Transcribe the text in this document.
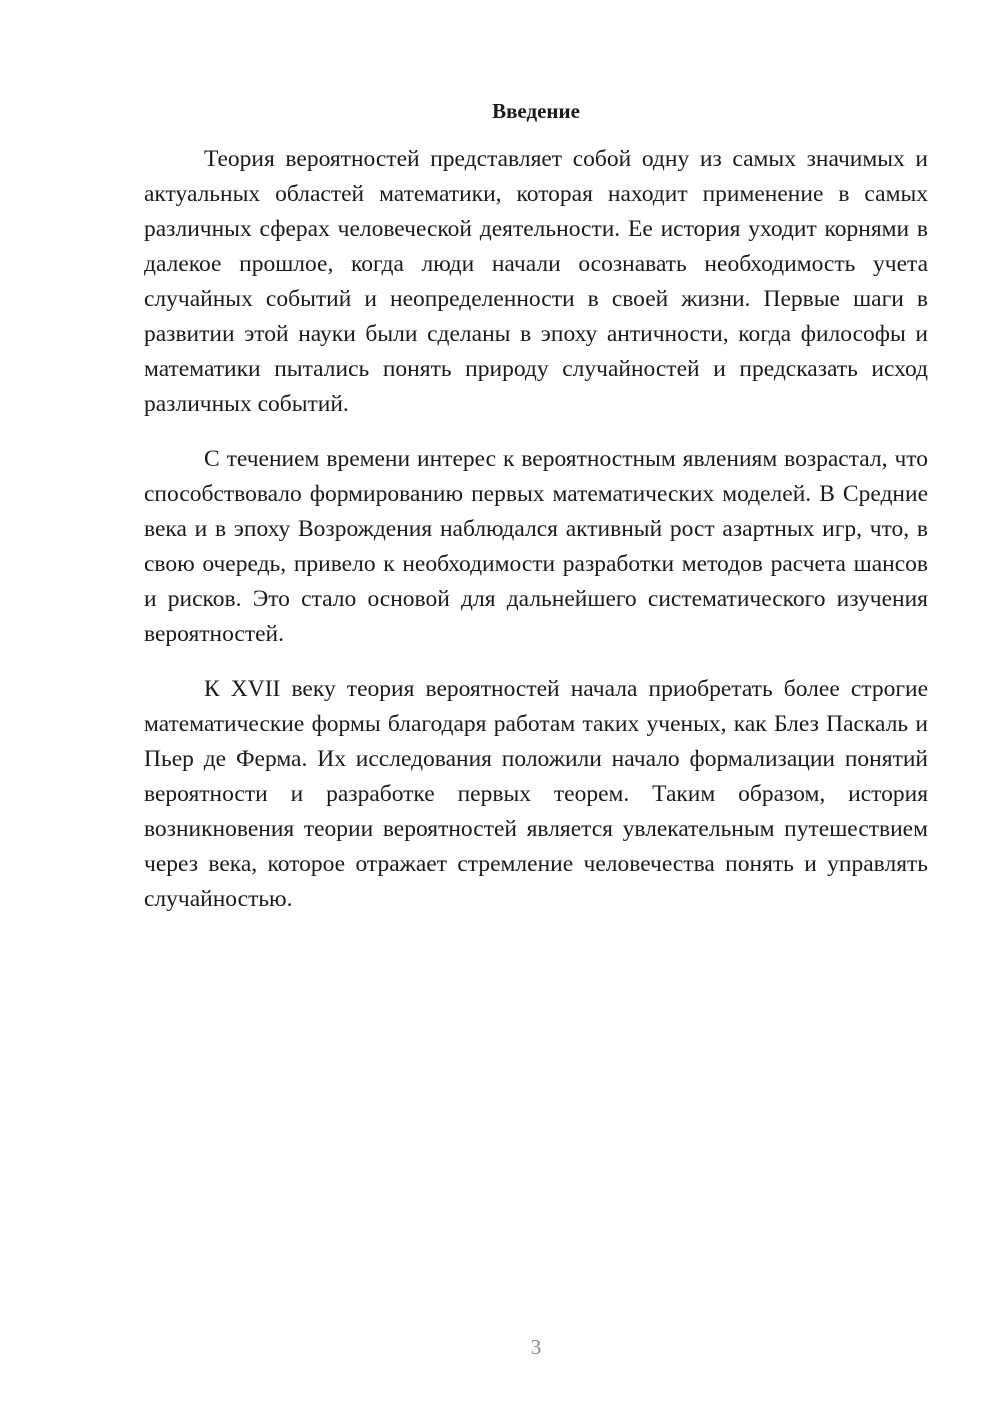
Введение

Теория вероятностей представляет собой одну из самых значимых и актуальных областей математики, которая находит применение в самых различных сферах человеческой деятельности. Ее история уходит корнями в далекое прошлое, когда люди начали осознавать необходимость учета случайных событий и неопределенности в своей жизни. Первые шаги в развитии этой науки были сделаны в эпоху античности, когда философы и математики пытались понять природу случайностей и предсказать исход различных событий.

С течением времени интерес к вероятностным явлениям возрастал, что способствовало формированию первых математических моделей. В Средние века и в эпоху Возрождения наблюдался активный рост азартных игр, что, в свою очередь, привело к необходимости разработки методов расчета шансов и рисков. Это стало основой для дальнейшего систематического изучения вероятностей.

К XVII веку теория вероятностей начала приобретать более строгие математические формы благодаря работам таких ученых, как Блез Паскаль и Пьер де Ферма. Их исследования положили начало формализации понятий вероятности и разработке первых теорем. Таким образом, история возникновения теории вероятностей является увлекательным путешествием через века, которое отражает стремление человечества понять и управлять случайностью.

3
